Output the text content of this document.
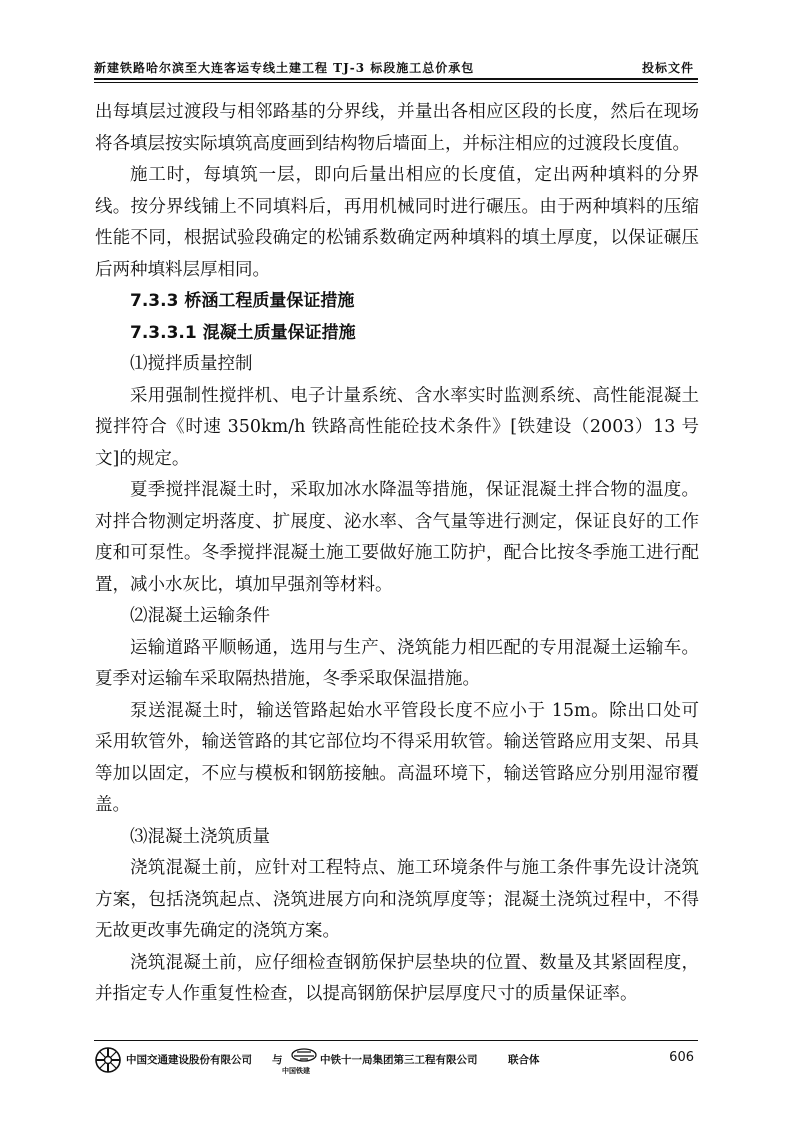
新建铁路哈尔滨至大连客运专线土建工程 TJ-3 标段施工总价承包	投标文件

出每填层过渡段与相邻路基的分界线，并量出各相应区段的长度，然后在现场将各填层按实际填筑高度画到结构物后墙面上，并标注相应的过渡段长度值。

施工时，每填筑一层，即向后量出相应的长度值，定出两种填料的分界线。按分界线铺上不同填料后，再用机械同时进行碾压。由于两种填料的压缩性能不同，根据试验段确定的松铺系数确定两种填料的填土厚度，以保证碾压后两种填料层厚相同。

7.3.3 桥涵工程质量保证措施

7.3.3.1 混凝土质量保证措施

⑴搅拌质量控制

采用强制性搅拌机、电子计量系统、含水率实时监测系统、高性能混凝土搅拌符合《时速 350km/h 铁路高性能砼技术条件》[铁建设（2003）13 号文]的规定。

夏季搅拌混凝土时，采取加冰水降温等措施，保证混凝土拌合物的温度。对拌合物测定坍落度、扩展度、泌水率、含气量等进行测定，保证良好的工作度和可泵性。冬季搅拌混凝土施工要做好施工防护，配合比按冬季施工进行配置，减小水灰比，填加早强剂等材料。

⑵混凝土运输条件

运输道路平顺畅通，选用与生产、浇筑能力相匹配的专用混凝土运输车。夏季对运输车采取隔热措施，冬季采取保温措施。

泵送混凝土时，输送管路起始水平管段长度不应小于 15m。除出口处可采用软管外，输送管路的其它部位均不得采用软管。输送管路应用支架、吊具等加以固定，不应与模板和钢筋接触。高温环境下，输送管路应分别用湿帘覆盖。

⑶混凝土浇筑质量

浇筑混凝土前，应针对工程特点、施工环境条件与施工条件事先设计浇筑方案，包括浇筑起点、浇筑进展方向和浇筑厚度等；混凝土浇筑过程中，不得无故更改事先确定的浇筑方案。

浇筑混凝土前，应仔细检查钢筋保护层垫块的位置、数量及其紧固程度，并指定专人作重复性检查，以提高钢筋保护层厚度尺寸的质量保证率。

中国交通建设股份有限公司 与
中国铁建
中铁十一局集团第三工程有限公司	联合体	606
